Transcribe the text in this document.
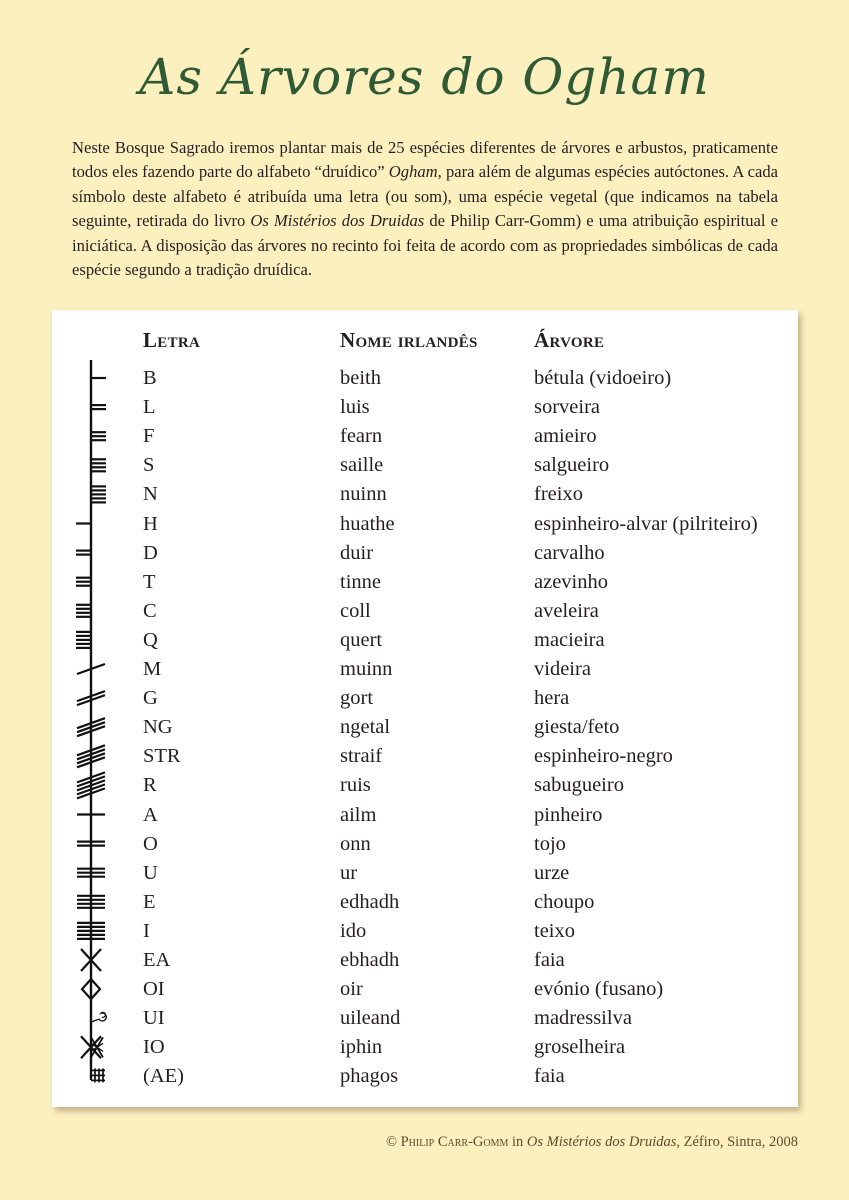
As Árvores do Ogham

Neste Bosque Sagrado iremos plantar mais de 25 espécies diferentes de árvores e arbustos, praticamente todos eles fazendo parte do alfabeto “druídico” Ogham, para além de algumas espécies autóctones. A cada símbolo deste alfabeto é atribuída uma letra (ou som), uma espécie vegetal (que indicamos na tabela seguinte, retirada do livro Os Mistérios dos Druidas de Philip Carr-Gomm) e uma atribuição espiritual e iniciática. A disposição das árvores no recinto foi feita de acordo com as propriedades simbólicas de cada espécie segundo a tradição druídica.

Letra	Nome irlandês	Árvore
B	beith	bétula (vidoeiro)
L	luis	sorveira
F	fearn	amieiro
S	saille	salgueiro
N	nuinn	freixo
H	huathe	espinheiro-alvar (pilriteiro)
D	duir	carvalho
T	tinne	azevinho
C	coll	aveleira
Q	quert	macieira
M	muinn	videira
G	gort	hera
NG	ngetal	giesta/feto
STR	straif	espinheiro-negro
R	ruis	sabugueiro
A	ailm	pinheiro
O	onn	tojo
U	ur	urze
E	edhadh	choupo
I	ido	teixo
EA	ebhadh	faia
OI	oir	evónio (fusano)
UI	uileand	madressilva
IO	iphin	groselheira
(AE)	phagos	faia
© Philip Carr-Gomm in Os Mistérios dos Druidas, Zéfiro, Sintra, 2008
